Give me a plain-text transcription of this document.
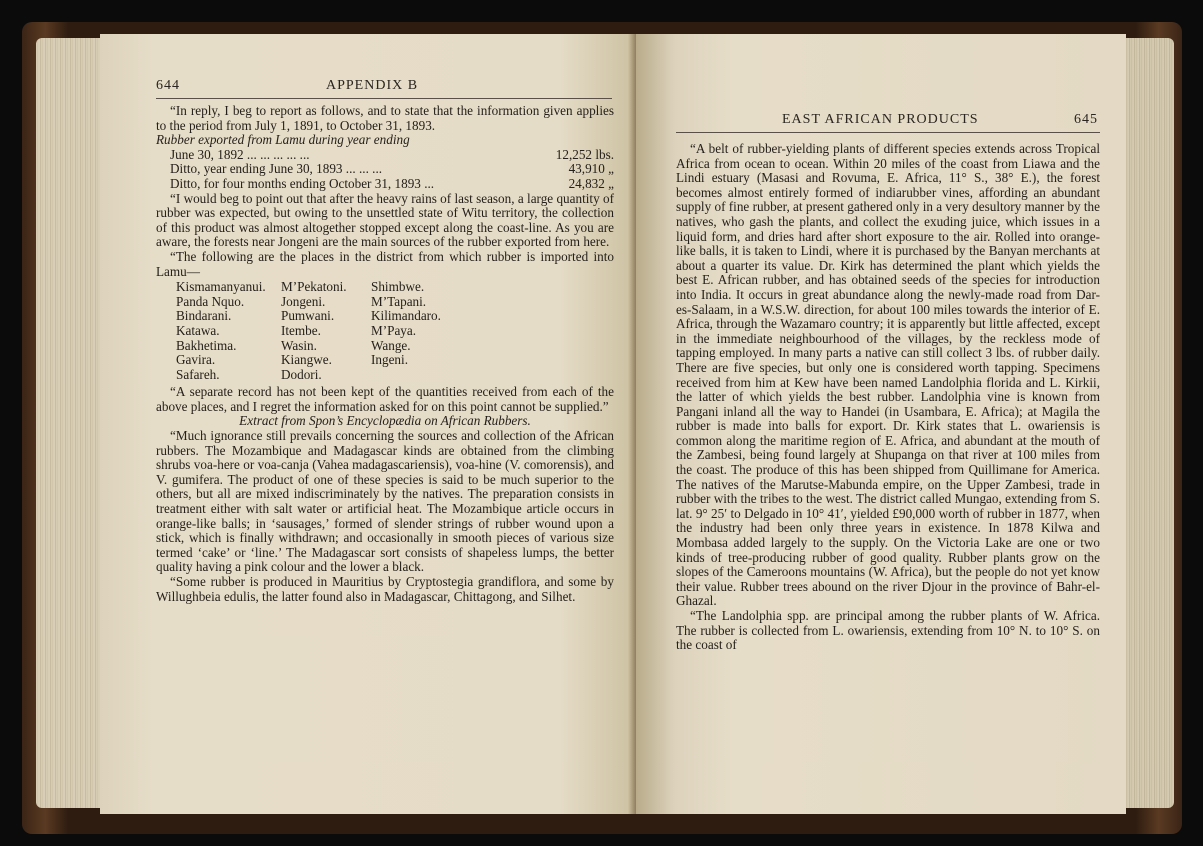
644	APPENDIX B

“In reply, I beg to report as follows, and to state that the information given applies to the period from July 1, 1891, to October 31, 1893.

Rubber exported from Lamu during year ending

June 30, 1892 ... ... ... ... ...	12,252 lbs.
Ditto, year ending June 30, 1893 ... ... ...	43,910 „
Ditto, for four months ending October 31, 1893 ...	24,832 „

“I would beg to point out that after the heavy rains of last season, a large quantity of rubber was expected, but owing to the unsettled state of Witu territory, the collection of this product was almost altogether stopped except along the coast-line. As you are aware, the forests near Jongeni are the main sources of the rubber exported from here.

“The following are the places in the district from which rubber is imported into Lamu—

Kismamanyanui.	M’Pekatoni.	Shimbwe.
Panda Nquo.	Jongeni.	M’Tapani.
Bindarani.	Pumwani.	Kilimandaro.
Katawa.	Itembe.	M’Paya.
Bakhetima.	Wasin.	Wange.
Gavira.	Kiangwe.	Ingeni.
Safareh.	Dodori.

“A separate record has not been kept of the quantities received from each of the above places, and I regret the information asked for on this point cannot be supplied.”

Extract from Spon’s Encyclopædia on African Rubbers.

“Much ignorance still prevails concerning the sources and collection of the African rubbers. The Mozambique and Madagascar kinds are obtained from the climbing shrubs voa-here or voa-canja (Vahea madagascariensis), voa-hine (V. comorensis), and V. gumifera. The product of one of these species is said to be much superior to the others, but all are mixed indiscriminately by the natives. The preparation consists in treatment either with salt water or artificial heat. The Mozambique article occurs in orange-like balls; in ‘sausages,’ formed of slender strings of rubber wound upon a stick, which is finally withdrawn; and occasionally in smooth pieces of various size termed ‘cake’ or ‘line.’ The Madagascar sort consists of shapeless lumps, the better quality having a pink colour and the lower a black.

“Some rubber is produced in Mauritius by Cryptostegia grandiflora, and some by Willughbeia edulis, the latter found also in Madagascar, Chittagong, and Silhet.

EAST AFRICAN PRODUCTS	645

“A belt of rubber-yielding plants of different species extends across Tropical Africa from ocean to ocean. Within 20 miles of the coast from Liawa and the Lindi estuary (Masasi and Rovuma, E. Africa, 11° S., 38° E.), the forest becomes almost entirely formed of indiarubber vines, affording an abundant supply of fine rubber, at present gathered only in a very desultory manner by the natives, who gash the plants, and collect the exuding juice, which issues in a liquid form, and dries hard after short exposure to the air. Rolled into orange-like balls, it is taken to Lindi, where it is purchased by the Banyan merchants at about a quarter its value. Dr. Kirk has determined the plant which yields the best E. African rubber, and has obtained seeds of the species for introduction into India. It occurs in great abundance along the newly-made road from Dar-es-Salaam, in a W.S.W. direction, for about 100 miles towards the interior of E. Africa, through the Wazamaro country; it is apparently but little affected, except in the immediate neighbourhood of the villages, by the reckless mode of tapping employed. In many parts a native can still collect 3 lbs. of rubber daily. There are five species, but only one is considered worth tapping. Specimens received from him at Kew have been named Landolphia florida and L. Kirkii, the latter of which yields the best rubber. Landolphia vine is known from Pangani inland all the way to Handei (in Usambara, E. Africa); at Magila the rubber is made into balls for export. Dr. Kirk states that L. owariensis is common along the maritime region of E. Africa, and abundant at the mouth of the Zambesi, being found largely at Shupanga on that river at 100 miles from the coast. The produce of this has been shipped from Quillimane for America. The natives of the Marutse-Mabunda empire, on the Upper Zambesi, trade in rubber with the tribes to the west. The district called Mungao, extending from S. lat. 9° 25′ to Delgado in 10° 41′, yielded £90,000 worth of rubber in 1877, when the industry had been only three years in existence. In 1878 Kilwa and Mombasa added largely to the supply. On the Victoria Lake are one or two kinds of tree-producing rubber of good quality. Rubber plants grow on the slopes of the Cameroons mountains (W. Africa), but the people do not yet know their value. Rubber trees abound on the river Djour in the province of Bahr-el-Ghazal.

“The Landolphia spp. are principal among the rubber plants of W. Africa. The rubber is collected from L. owariensis, extending from 10° N. to 10° S. on the coast of
